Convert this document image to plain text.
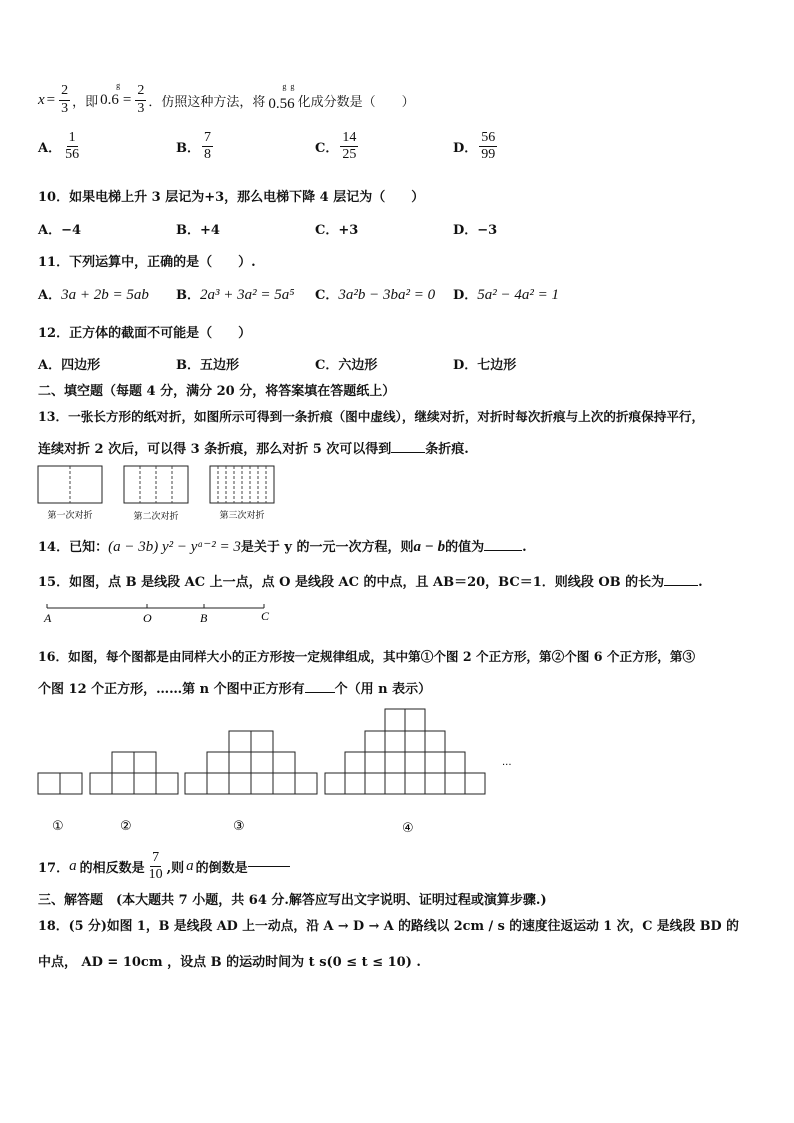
$x = \frac{2}{3}$ ，即
g
$0.6 = \frac{2}{3}$ ．仿照这种方法，将
g g
0.56 化成分数是（　　）
A． $\frac{1}{56}$	B． $\frac{7}{8}$	C． $\frac{14}{25}$	D． $\frac{56}{99}$
10．如果电梯上升 3 层记为+3，那么电梯下降 4 层记为（　　）
A．−4	B．+4	C．+3	D．−3
11．下列运算中，正确的是（　　）.
A．3a + 2b = 5ab B．2a³ + 3a² = 5a⁵ C．3a²b − 3ba² = 0 D．5a² − 4a² = 1
12．正方体的截面不可能是（　　）
A．四边形	B．五边形	C．六边形	D．七边形
二、填空题（每题 4 分，满分 20 分，将答案填在答题纸上）
13．一张长方形的纸对折，如图所示可得到一条折痕（图中虚线），继续对折，对折时每次折痕与上次的折痕保持平行，
连续对折 2 次后，可以得 3 条折痕，那么对折 5 次可以得到	条折痕.
第一次对折	第二次对折	第三次对折
14．已知：(a − 3b) y² − yᵃ⁻² = 3是关于 y 的一元一次方程，则a − b的值为	.
15．如图，点 B 是线段 AC 上一点，点 O 是线段 AC 的中点，且 AB＝20，BC＝1．则线段 OB 的长为	.
A	O	B	C
16．如图，每个图都是由同样大小的正方形按一定规律组成，其中第①个图 2 个正方形，第②个图 6 个正方形，第③
个图 12 个正方形，……第 n 个图中正方形有 个（用 n 表示）
···
①	②	③	④
17． a 的相反数是 $\frac{7}{10}$ ,则 a 的倒数是
三、解答题　(本大题共 7 小题，共 64 分.解答应写出文字说明、证明过程或演算步骤.)
18．(5 分)如图 1，B 是线段 AD 上一动点，沿 A → D → A 的路线以 2cm / s 的速度往返运动 1 次，C 是线段 BD 的
中点， AD = 10cm ，设点 B 的运动时间为 t s(0 ≤ t ≤ 10) .
